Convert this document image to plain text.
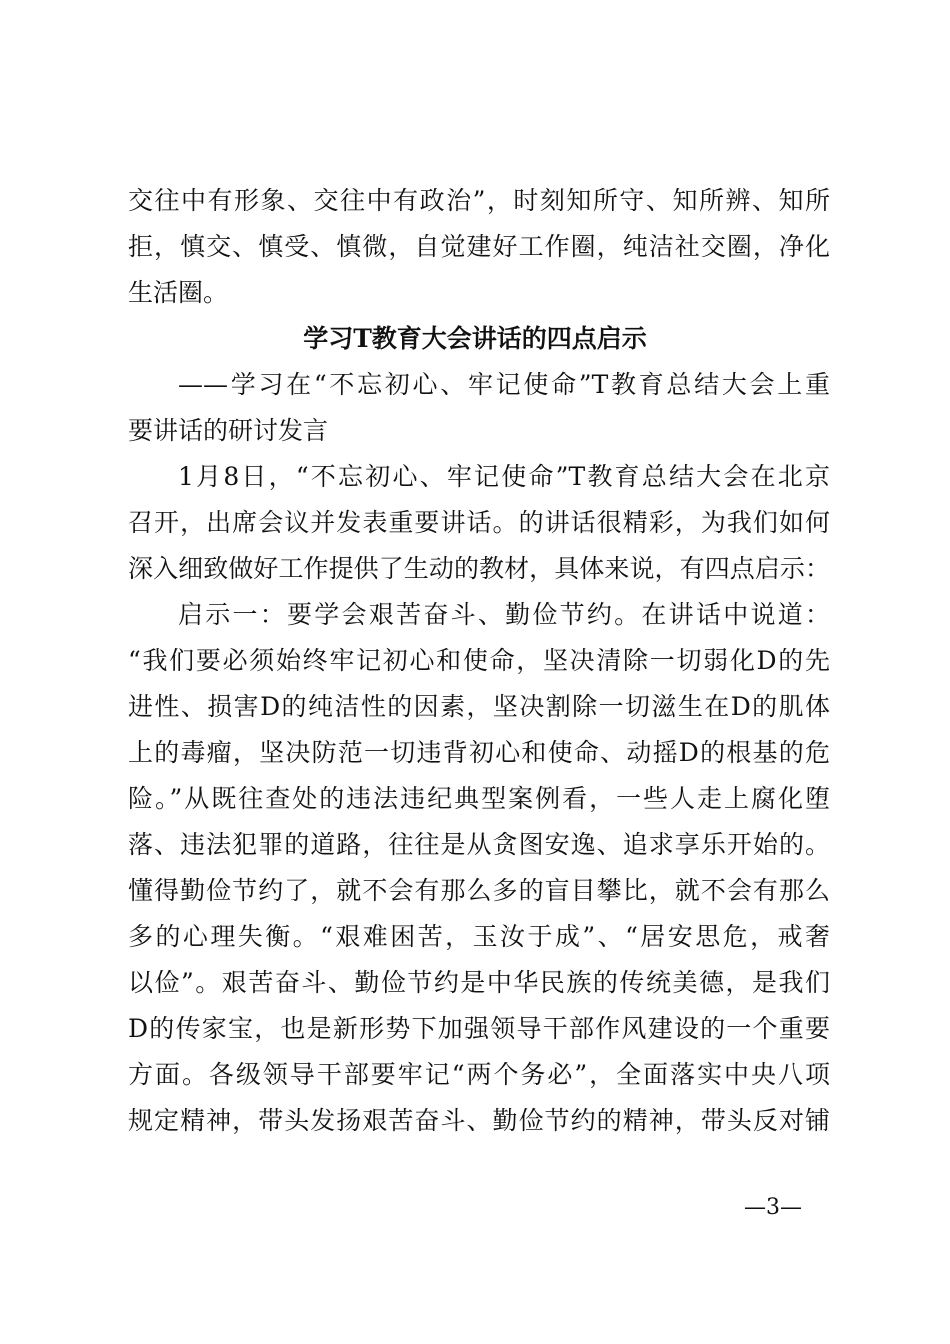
交往中有形象、交往中有政治”，时刻知所守、知所辨、知所
拒，慎交、慎受、慎微，自觉建好工作圈，纯洁社交圈，净化
生活圈。
学习T教育大会讲话的四点启示
——学习在“不忘初心、牢记使命”T教育总结大会上重
要讲话的研讨发言
1月8日，“不忘初心、牢记使命”T教育总结大会在北京
召开，出席会议并发表重要讲话。的讲话很精彩，为我们如何
深入细致做好工作提供了生动的教材，具体来说，有四点启示：
启示一：要学会艰苦奋斗、勤俭节约。在讲话中说道：
“我们要必须始终牢记初心和使命，坚决清除一切弱化D的先
进性、损害D的纯洁性的因素，坚决割除一切滋生在D的肌体
上的毒瘤，坚决防范一切违背初心和使命、动摇D的根基的危
险。”从既往查处的违法违纪典型案例看，一些人走上腐化堕
落、违法犯罪的道路，往往是从贪图安逸、追求享乐开始的。
懂得勤俭节约了，就不会有那么多的盲目攀比，就不会有那么
多的心理失衡。“艰难困苦，玉汝于成”、“居安思危，戒奢
以俭”。艰苦奋斗、勤俭节约是中华民族的传统美德，是我们
D的传家宝，也是新形势下加强领导干部作风建设的一个重要
方面。各级领导干部要牢记“两个务必”，全面落实中央八项
规定精神，带头发扬艰苦奋斗、勤俭节约的精神，带头反对铺
—3—
